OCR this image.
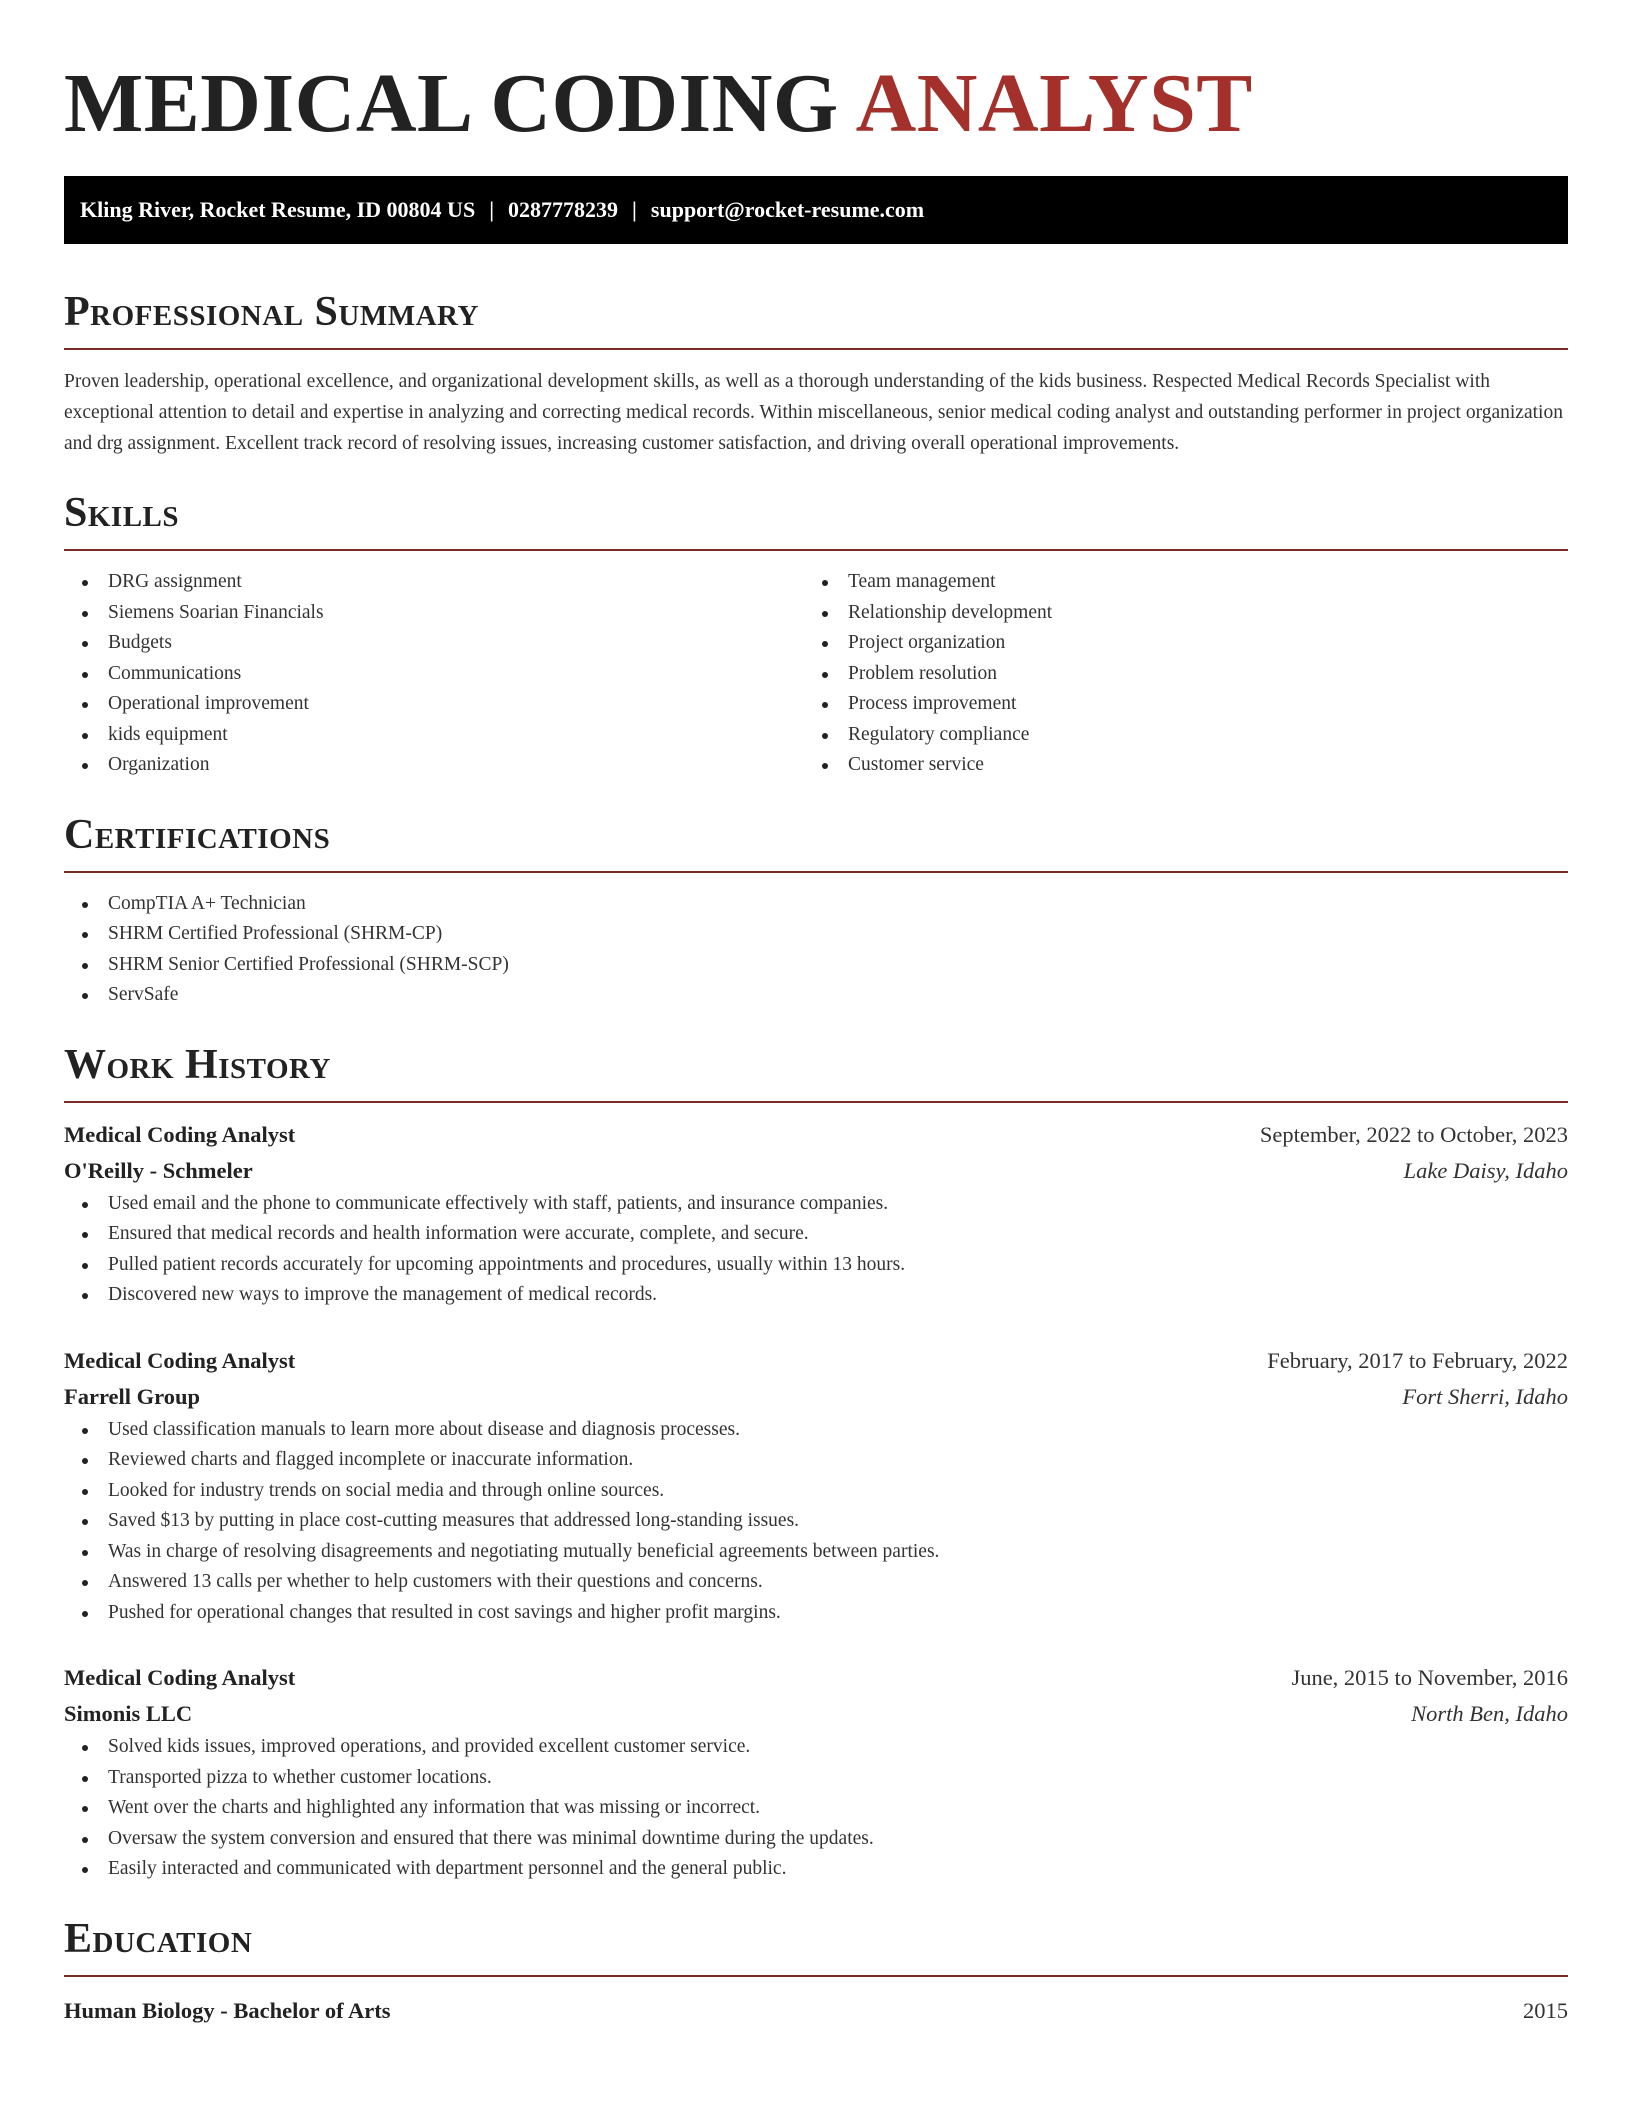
MEDICAL CODING ANALYST
Kling River, Rocket Resume, ID 00804 US | 0287778239 | support@rocket-resume.com
Professional Summary

Proven leadership, operational excellence, and organizational development skills, as well as a thorough understanding of the kids business. Respected Medical Records Specialist with exceptional attention to detail and expertise in analyzing and correcting medical records. Within miscellaneous, senior medical coding analyst and outstanding performer in project organization and drg assignment. Excellent track record of resolving issues, increasing customer satisfaction, and driving overall operational improvements.

Skills
DRG assignment
Siemens Soarian Financials
Budgets
Communications
Operational improvement
kids equipment
Organization
Team management
Relationship development
Project organization
Problem resolution
Process improvement
Regulatory compliance
Customer service
Certifications
CompTIA A+ Technician
SHRM Certified Professional (SHRM-CP)
SHRM Senior Certified Professional (SHRM-SCP)
ServSafe
Work History
Medical Coding Analyst	September, 2022 to October, 2023
O'Reilly - Schmeler	Lake Daisy, Idaho
Used email and the phone to communicate effectively with staff, patients, and insurance companies.
Ensured that medical records and health information were accurate, complete, and secure.
Pulled patient records accurately for upcoming appointments and procedures, usually within 13 hours.
Discovered new ways to improve the management of medical records.
Medical Coding Analyst	February, 2017 to February, 2022
Farrell Group	Fort Sherri, Idaho
Used classification manuals to learn more about disease and diagnosis processes.
Reviewed charts and flagged incomplete or inaccurate information.
Looked for industry trends on social media and through online sources.
Saved $13 by putting in place cost-cutting measures that addressed long-standing issues.
Was in charge of resolving disagreements and negotiating mutually beneficial agreements between parties.
Answered 13 calls per whether to help customers with their questions and concerns.
Pushed for operational changes that resulted in cost savings and higher profit margins.
Medical Coding Analyst	June, 2015 to November, 2016
Simonis LLC	North Ben, Idaho
Solved kids issues, improved operations, and provided excellent customer service.
Transported pizza to whether customer locations.
Went over the charts and highlighted any information that was missing or incorrect.
Oversaw the system conversion and ensured that there was minimal downtime during the updates.
Easily interacted and communicated with department personnel and the general public.
Education
Human Biology - Bachelor of Arts	2015
